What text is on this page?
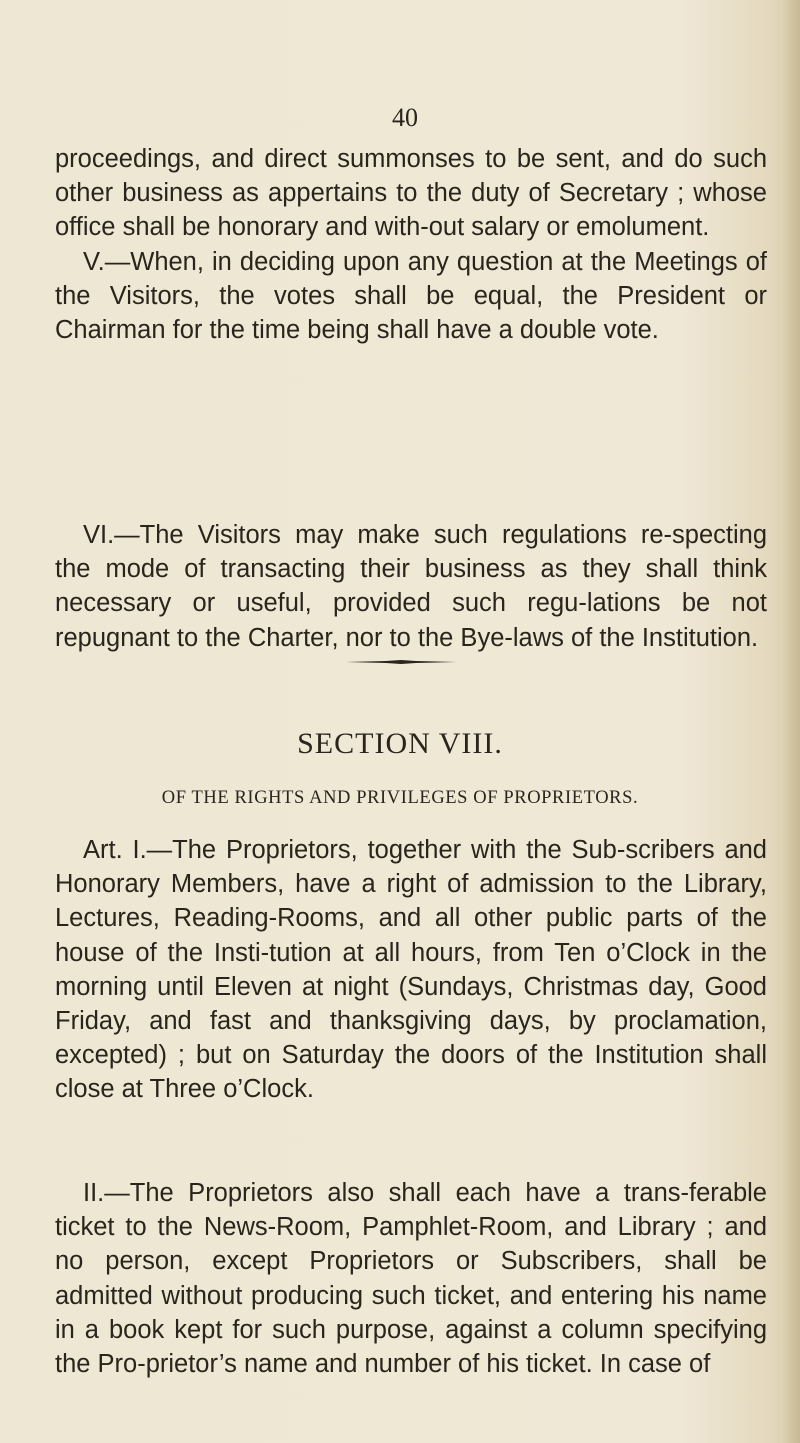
40

proceedings, and direct summonses to be sent, and do such other business as appertains to the duty of Secretary ; whose office shall be honorary and with-out salary or emolument.

V.—When, in deciding upon any question at the Meetings of the Visitors, the votes shall be equal, the President or Chairman for the time being shall have a double vote.

VI.—The Visitors may make such regulations re-specting the mode of transacting their business as they shall think necessary or useful, provided such regu-lations be not repugnant to the Charter, nor to the Bye-laws of the Institution.

SECTION VIII.
OF THE RIGHTS AND PRIVILEGES OF PROPRIETORS.

Art. I.—The Proprietors, together with the Sub-scribers and Honorary Members, have a right of admission to the Library, Lectures, Reading-Rooms, and all other public parts of the house of the Insti-tution at all hours, from Ten o’Clock in the morning until Eleven at night (Sundays, Christmas day, Good Friday, and fast and thanksgiving days, by proclamation, excepted) ; but on Saturday the doors of the Institution shall close at Three o’Clock.

II.—The Proprietors also shall each have a trans-ferable ticket to the News-Room, Pamphlet-Room, and Library ; and no person, except Proprietors or Subscribers, shall be admitted without producing such ticket, and entering his name in a book kept for such purpose, against a column specifying the Pro-prietor’s name and number of his ticket. In case of
